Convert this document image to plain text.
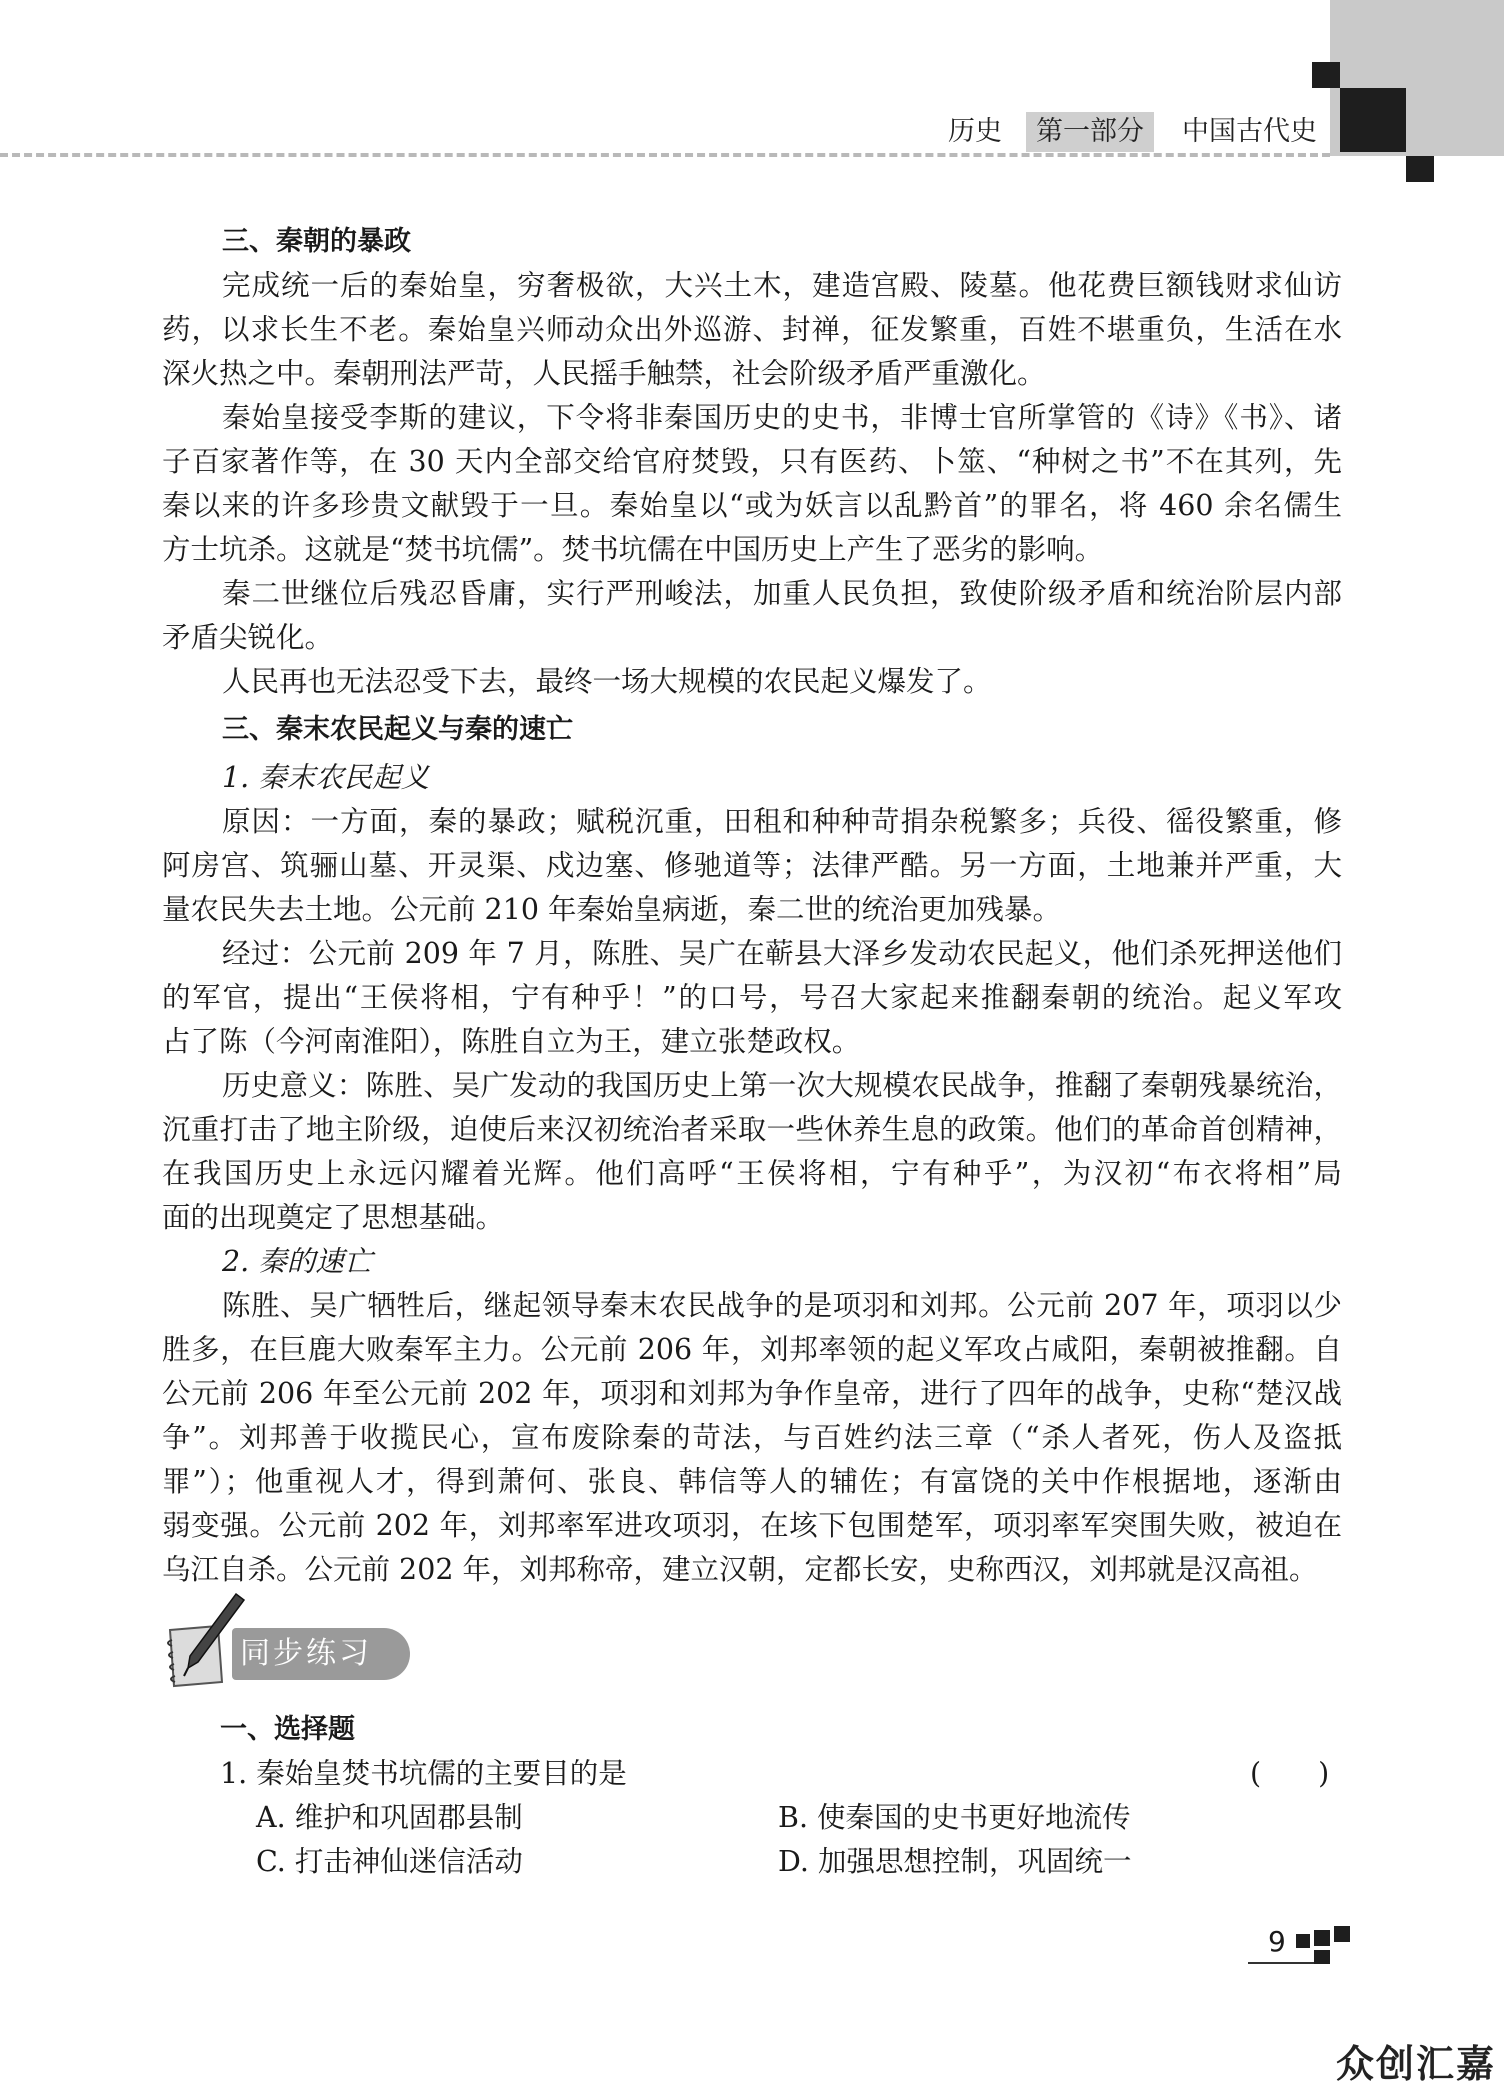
历史	第一部分	中国古代史
三、秦朝的暴政
完成统一后的秦始皇，穷奢极欲，大兴土木，建造宫殿、陵墓。他花费巨额钱财求仙访
药，以求长生不老。秦始皇兴师动众出外巡游、封禅，征发繁重，百姓不堪重负，生活在水
深火热之中。秦朝刑法严苛，人民摇手触禁，社会阶级矛盾严重激化。
秦始皇接受李斯的建议，下令将非秦国历史的史书，非博士官所掌管的《诗》《书》、诸
子百家著作等，在 30 天内全部交给官府焚毁，只有医药、卜筮、“种树之书”不在其列，先
秦以来的许多珍贵文献毁于一旦。秦始皇以“或为妖言以乱黔首”的罪名，将 460 余名儒生
方士坑杀。这就是“焚书坑儒”。焚书坑儒在中国历史上产生了恶劣的影响。
秦二世继位后残忍昏庸，实行严刑峻法，加重人民负担，致使阶级矛盾和统治阶层内部
矛盾尖锐化。
人民再也无法忍受下去，最终一场大规模的农民起义爆发了。
三、秦末农民起义与秦的速亡
1. 秦末农民起义
原因：一方面，秦的暴政；赋税沉重，田租和种种苛捐杂税繁多；兵役、徭役繁重，修
阿房宫、筑骊山墓、开灵渠、戍边塞、修驰道等；法律严酷。另一方面，土地兼并严重，大
量农民失去土地。公元前 210 年秦始皇病逝，秦二世的统治更加残暴。
经过：公元前 209 年 7 月，陈胜、吴广在蕲县大泽乡发动农民起义，他们杀死押送他们
的军官，提出“王侯将相，宁有种乎！”的口号，号召大家起来推翻秦朝的统治。起义军攻
占了陈（今河南淮阳），陈胜自立为王，建立张楚政权。
历史意义：陈胜、吴广发动的我国历史上第一次大规模农民战争，推翻了秦朝残暴统治，
沉重打击了地主阶级，迫使后来汉初统治者采取一些休养生息的政策。他们的革命首创精神，
在我国历史上永远闪耀着光辉。他们高呼“王侯将相，宁有种乎”，为汉初“布衣将相”局
面的出现奠定了思想基础。
2. 秦的速亡
陈胜、吴广牺牲后，继起领导秦末农民战争的是项羽和刘邦。公元前 207 年，项羽以少
胜多，在巨鹿大败秦军主力。公元前 206 年，刘邦率领的起义军攻占咸阳，秦朝被推翻。自
公元前 206 年至公元前 202 年，项羽和刘邦为争作皇帝，进行了四年的战争，史称“楚汉战
争”。刘邦善于收揽民心，宣布废除秦的苛法，与百姓约法三章（“杀人者死，伤人及盗抵
罪”）；他重视人才，得到萧何、张良、韩信等人的辅佐；有富饶的关中作根据地，逐渐由
弱变强。公元前 202 年，刘邦率军进攻项羽，在垓下包围楚军，项羽率军突围失败，被迫在
乌江自杀。公元前 202 年，刘邦称帝，建立汉朝，定都长安，史称西汉，刘邦就是汉高祖。
同步练习
一、选择题
1. 秦始皇焚书坑儒的主要目的是	(　　)
A. 维护和巩固郡县制	B. 使秦国的史书更好地流传
C. 打击神仙迷信活动	D. 加强思想控制，巩固统一
9
众创汇嘉
